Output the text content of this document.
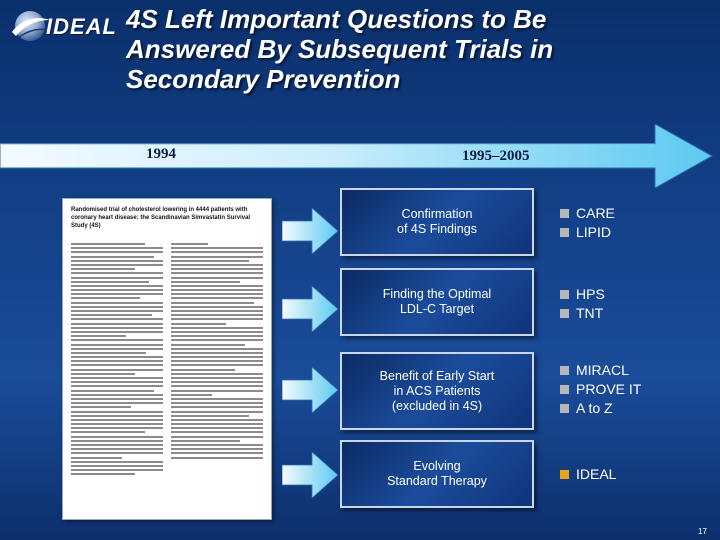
IDEAL 4S Left Important Questions to Be
Answered By Subsequent Trials in
Secondary Prevention
1994	1995–2005
Randomised trial of cholesterol lowering in 4444 patients with coronary heart disease: the Scandinavian Simvastatin Survival Study (4S)
Confirmation
of 4S Findings
Finding the Optimal
LDL-C Target
Benefit of Early Start
in ACS Patients
(excluded in 4S)
Evolving
Standard Therapy
CARE
LIPID
HPS
TNT
MIRACL
PROVE IT
A to Z
IDEAL
17
